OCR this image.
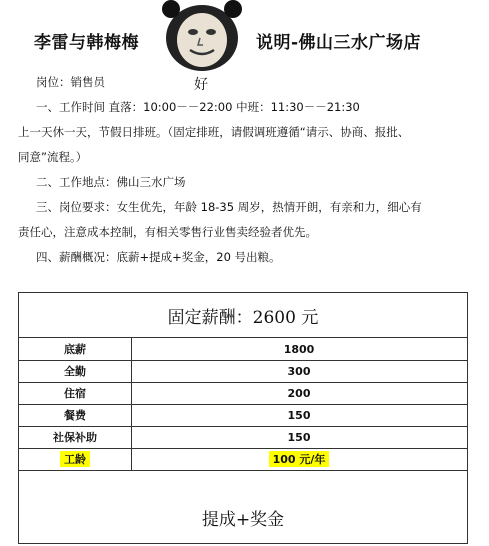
李雷与韩梅梅	说明-佛山三水广场店
好
岗位：销售员
一、工作时间 直落：10:00－－22:00 中班：11:30－－21:30
上一天休一天，节假日排班。（固定排班，请假调班遵循“请示、协商、报批、
同意”流程。）
二、工作地点：佛山三水广场
三、岗位要求：女生优先，年龄 18-35 周岁，热情开朗，有亲和力，细心有
责任心，注意成本控制，有相关零售行业售卖经验者优先。
四、薪酬概况：底薪+提成+奖金，20 号出粮。
固定薪酬：2600 元
底薪	1800
全勤	300
住宿	200
餐费	150
社保补助	150
工龄	100 元/年
提成+奖金
